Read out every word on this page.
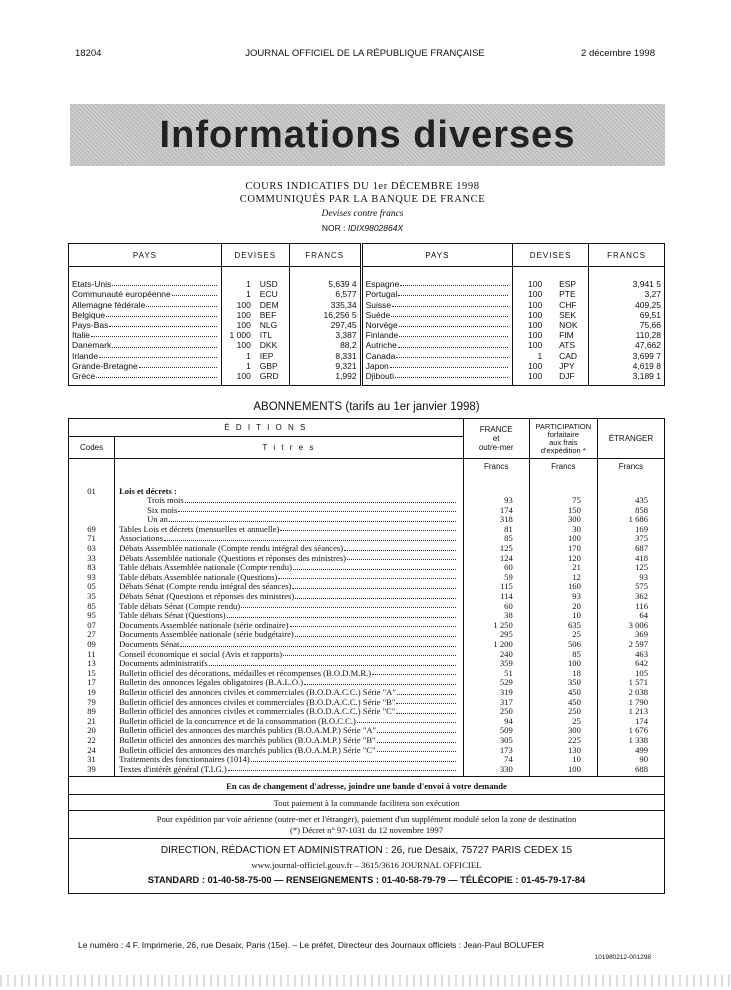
18204	JOURNAL OFFICIEL DE LA RÉPUBLIQUE FRANÇAISE	2 décembre 1998
Informations diverses
COURS INDICATIFS DU 1er DÉCEMBRE 1998
COMMUNIQUÉS PAR LA BANQUE DE FRANCE
Devises contre francs
NOR : IDIX9802864X
PAYS	DEVISES	FRANCS	PAYS	DEVISES	FRANCS

Etats-Unis	1 USD	5,639 4	Espagne	100 ESP	3,941 5

Communauté européenne	1 ECU	6,577	Portugal	100 PTE	3,27

Allemagne fédérale	100 DEM	335,34	Suisse	100 CHF	409,25

Belgique	100 BEF	16,256 5	Suède	100 SEK	69,51

Pays-Bas	100 NLG	297,45	Norvège	100 NOK	75,66

Italie	1 000 ITL	3,387	Finlande	100 FIM	110,28

Danemark	100 DKK	88,2	Autriche	100 ATS	47,662

Irlande	1 IEP	8,331	Canada	1 CAD	3,699 7

Grande-Bretagne	1 GBP	9,321	Japon	100 JPY	4,619 8

Grèce	100 GRD	1,992	Djibouti	100 DJF	3,189 1

ABONNEMENTS (tarifs au 1er janvier 1998)
É D I T I O N S		FRANCE
et
outre-mer	PARTICIPATION
forfaitaire
aux frais
d'expédition *	ÉTRANGER
Codes	T i t r e s			
		Francs	Francs	Francs
01	Lois et décrets :			

	Trois mois	93	75	435

	Six mois	174	150	858

	Un an	318	300	1 686
69	Tables Lois et décrets (mensuelles et annuelle)	81	30	169
71	Associations	85	100	375
03	Débats Assemblée nationale (Compte rendu intégral des séances)	125	170	687
33	Débats Assemblée nationale (Questions et réponses des ministres)	124	120	418
83	Table débats Assemblée nationale (Compte rendu)	60	21	125
93	Table débats Assemblée nationale (Questions)	59	12	93
05	Débats Sénat (Compte rendu intégral des séances)	115	160	575
35	Débats Sénat (Questions et réponses des ministres)	114	93	362
85	Table débats Sénat (Compte rendu)	60	20	116
95	Table débats Sénat (Questions)	38	10	64
07	Documents Assemblée nationale (série ordinaire)	1 250	635	3 006
27	Documents Assemblée nationale (série budgétaire)	295	25	369
09	Documents Sénat	1 200	506	2 597
11	Conseil économique et social (Avis et rapports)	240	85	463
13	Documents administratifs	359	100	642
15	Bulletin officiel des décorations, médailles et récompenses (B.O.D.M.R.)	51	18	105
17	Bulletin des annonces légales obligatoires (B.A.L.O.)	529	350	1 571
19	Bulletin officiel des annonces civiles et commerciales (B.O.D.A.C.C.) Série "A"	319	450	2 038
79	Bulletin officiel des annonces civiles et commerciales (B.O.D.A.C.C.) Série "B"	317	450	1 790
89	Bulletin officiel des annonces civiles et commerciales (B.O.D.A.C.C.) Série "C"	250	250	1 213
21	Bulletin officiel de la concurrence et de la consommation (B.O.C.C.)	94	25	174
20	Bulletin officiel des annonces des marchés publics (B.O.A.M.P.) Série "A"	509	300	1 676
22	Bulletin officiel des annonces des marchés publics (B.O.A.M.P.) Série "B"	305	225	1 338
24	Bulletin officiel des annonces des marchés publics (B.O.A.M.P.) Série "C"	173	130	499
31	Traitements des fonctionnaires (1014)	74	10	90
39	Textes d'intérêt général (T.I.G.)	330	100	688
En cas de changement d'adresse, joindre une bande d'envoi à votre demande				
Tout paiement à la commande facilitera son exécution				

Pour expédition par voie aérienne (outre-mer et l'étranger), paiement d'un supplément modulé selon la zone de destination
(*) Décret n° 97-1031 du 12 novembre 1997				

DIRECTION, RÉDACTION ET ADMINISTRATION : 26, rue Desaix, 75727 PARIS CEDEX 15
www.journal-officiel.gouv.fr – 3615/3616 JOURNAL OFFICIEL
STANDARD : 01-40-58-75-00 — RENSEIGNEMENTS : 01-40-58-79-79 — TÉLÉCOPIE : 01-45-79-17-84				
Le numéro : 4 F. Imprimerie, 26, rue Desaix, Paris (15e). – Le préfet, Directeur des Journaux officiels : Jean-Paul BOLUFER
101980212-001298
